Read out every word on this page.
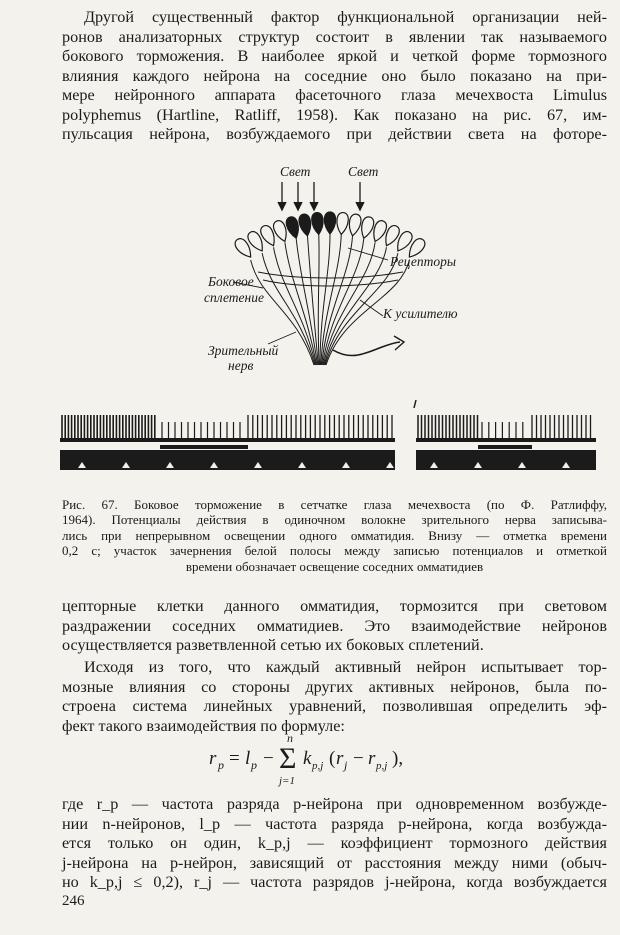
Другой существенный фактор функциональной организации ней-
ронов анализаторных структур состоит в явлении так называемого
бокового торможения. В наиболее яркой и четкой форме тормозного
влияния каждого нейрона на соседние оно было показано на при-
мере нейронного аппарата фасеточного глаза мечехвоста Limulus
polyphemus (Hartline, Ratliff, 1958). Как показано на рис. 67, им-
пульсация нейрона, возбуждаемого при действии света на фоторе-
Свет	Свет
Рецепторы
Боковое
сплетение
К усилителю
Зрительный
нерв
Рис. 67. Боковое торможение в сетчатке глаза мечехвоста (по Ф. Ратлиффу,
1964). Потенциалы действия в одиночном волокне зрительного нерва записыва-
лись при непрерывном освещении одного омматидия. Внизу — отметка времени
0,2 с; участок зачернения белой полосы между записью потенциалов и отметкой
времени обозначает освещение соседних омматидиев
цепторные клетки данного омматидия, тормозится при световом
раздражении соседних омматидиев. Это взаимодействие нейронов
осуществляется разветвленной сетью их боковых сплетений.
Исходя из того, что каждый активный нейрон испытывает тор-
мозные влияния со стороны других активных нейронов, была по-
строена система линейных уравнений, позволившая определить эф-
фект такого взаимодействия по формуле:
r p = l p − Σ
n
j=1
k p,j ( r j − r p,j ),
где r_p — частота разряда p-нейрона при одновременном возбужде-
нии n-нейронов, l_p — частота разряда p-нейрона, когда возбуждa-
ется только он один, k_p,j — коэффициент тормозного действия
j-нейрона на p-нейрон, зависящий от расстояния между ними (обыч-
но k_p,j ≤ 0,2), r_j — частота разрядов j-нейрона, когда возбуждается
246
